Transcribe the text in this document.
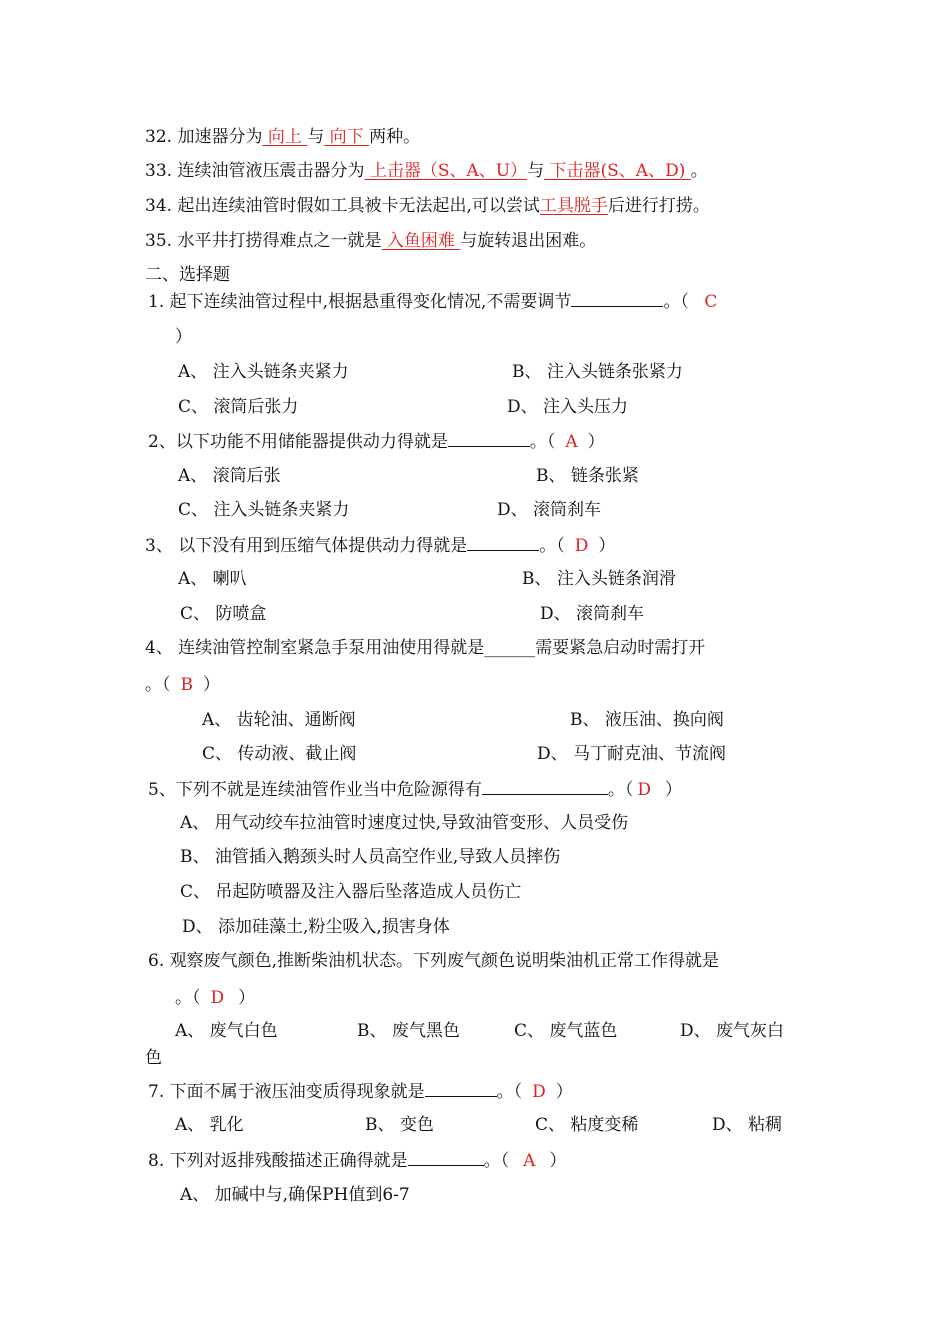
32. 加速器分为 向上 与 向下 两种。
33. 连续油管液压震击器分为 上击器（S、A、U）与 下击器(S、A、D) 。
34. 起出连续油管时假如工具被卡无法起出,可以尝试工具脱手后进行打捞。
35. 水平井打捞得难点之一就是 入鱼困难 与旋转退出困难。
二、选择题
1. 起下连续油管过程中,根据悬重得变化情况,不需要调节	。（ C
）
A、 注入头链条夹紧力	B、 注入头链条张紧力
C、 滚筒后张力	D、 注入头压力
2、以下功能不用储能器提供动力得就是	。（ A ）
A、 滚筒后张	B、 链条张紧
C、 注入头链条夹紧力	D、 滚筒刹车
3、 以下没有用到压缩气体提供动力得就是	。（ D ）
A、 喇叭	B、 注入头链条润滑
C、 防喷盒	D、 滚筒刹车
4、 连续油管控制室紧急手泵用油使用得就是______需要紧急启动时需打开
。（ B ）
A、 齿轮油、通断阀	B、 液压油、换向阀
C、 传动液、截止阀	D、 马丁耐克油、节流阀
5、下列不就是连续油管作业当中危险源得有	。（ D ）
A、 用气动绞车拉油管时速度过快,导致油管变形、人员受伤
B、 油管插入鹅颈头时人员高空作业,导致人员摔伤
C、 吊起防喷器及注入器后坠落造成人员伤亡
D、 添加硅藻土,粉尘吸入,损害身体
6. 观察废气颜色,推断柴油机状态。下列废气颜色说明柴油机正常工作得就是
。（ D ）
A、 废气白色	B、 废气黑色	C、 废气蓝色	D、 废气灰白
色
7. 下面不属于液压油变质得现象就是	。（ D ）
A、 乳化	B、 变色	C、 粘度变稀	D、 粘稠
8. 下列对返排残酸描述正确得就是	。（ A ）
A、 加碱中与,确保PH值到6-7
